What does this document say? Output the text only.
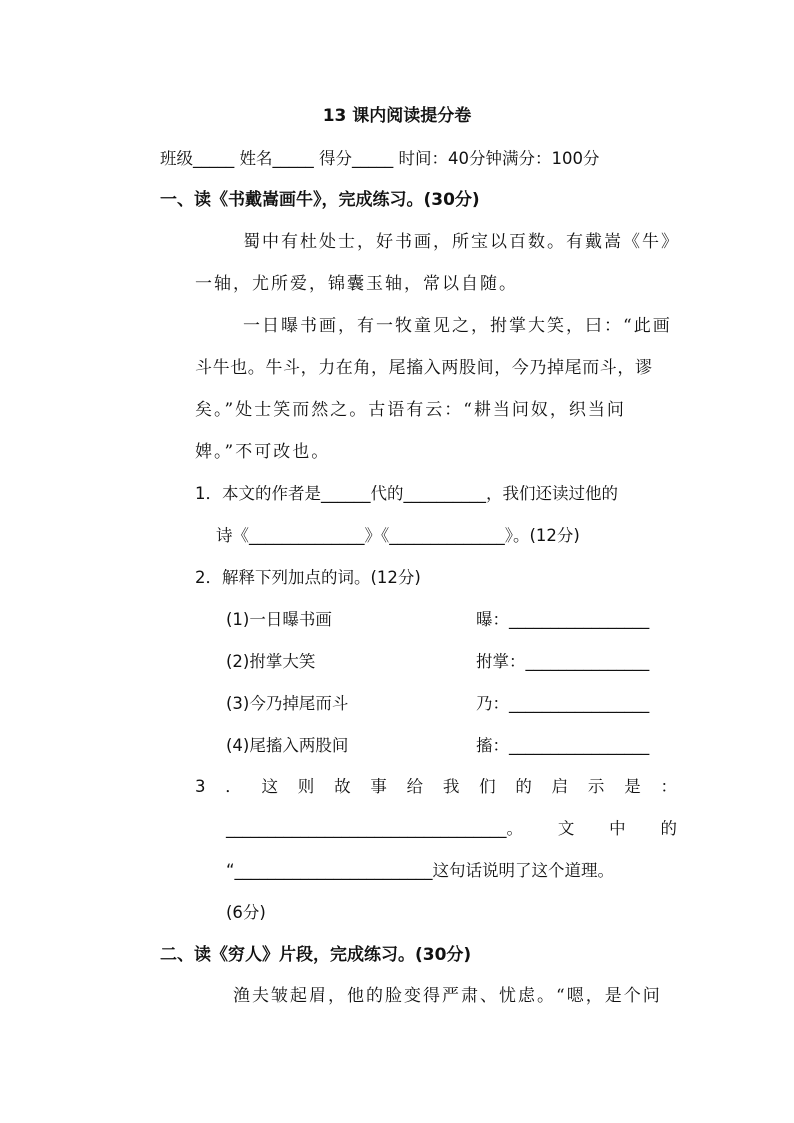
13 课内阅读提分卷
班级_____ 姓名_____ 得分_____ 时间：40分钟满分：100分
一、读《书戴嵩画牛》，完成练习。(30分)
蜀中有杜处士，好书画，所宝以百数。有戴嵩《牛》
一轴，尤所爱，锦囊玉轴，常以自随。
一日曝书画，有一牧童见之，拊掌大笑，曰：“此画
斗牛也。牛斗，力在角，尾搐入两股间，今乃掉尾而斗，谬
矣。”处士笑而然之。古语有云：“耕当问奴，织当问
婢。”不可改也。
1．本文的作者是______代的__________，我们还读过他的
诗《______________》《______________》。(12分)
2．解释下列加点的词。(12分)
(1)一日曝书画	曝：_________________
(2)拊掌大笑	拊掌：_______________
(3)今乃掉尾而斗	乃：_________________
(4)尾搐入两股间	搐：_________________
3 ． 这 则 故 事 给 我 们 的 启 示 是 ：
__________________________________。 文 中 的
“________________________这句话说明了这个道理。
(6分)
二、读《穷人》片段，完成练习。(30分)
渔夫皱起眉，他的脸变得严肃、忧虑。“嗯，是个问
